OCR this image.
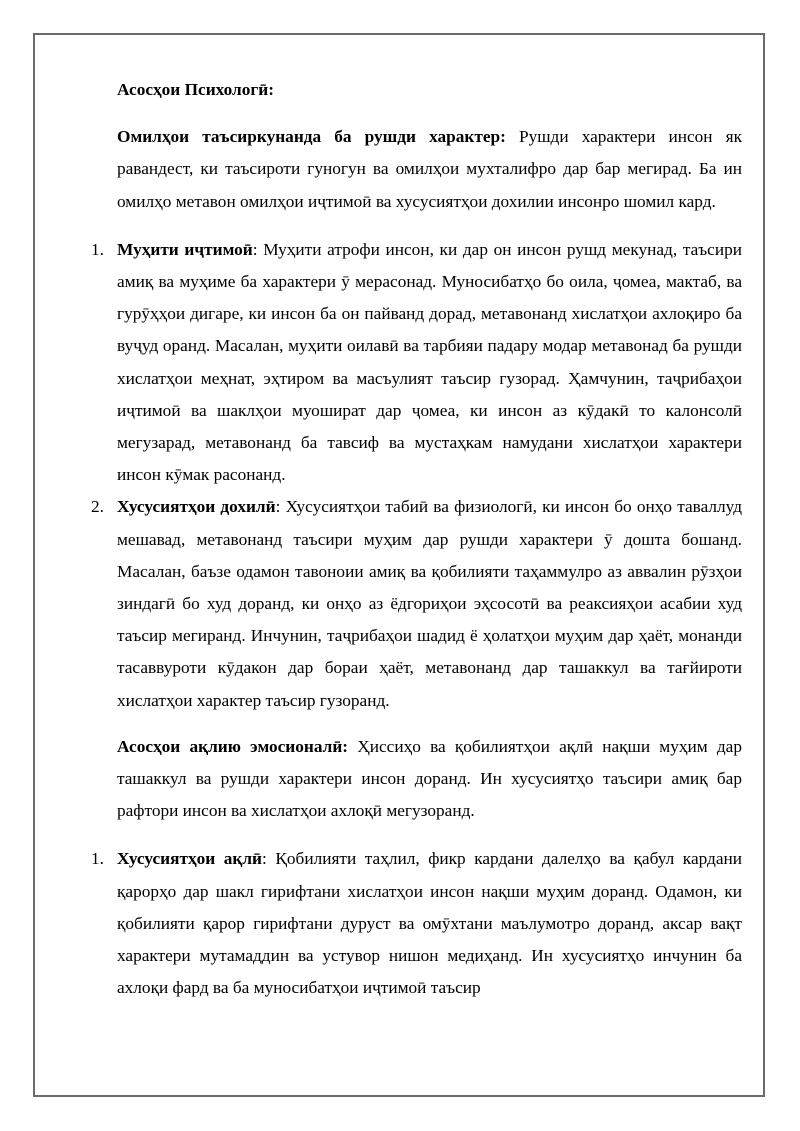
Асосҳои Психологӣ:

Омилҳои таъсиркунанда ба рушди характер: Рушди характери инсон як равандест, ки таъсироти гуногун ва омилҳои мухталифро дар бар мегирад. Ба ин омилҳо метавон омилҳои иҷтимоӣ ва хусусиятҳои дохилии инсонро шомил кард.

1. Муҳити иҷтимоӣ: Муҳити атрофи инсон, ки дар он инсон рушд мекунад, таъсири амиқ ва муҳиме ба характери ӯ мерасонад. Муносибатҳо бо оила, ҷомеа, мактаб, ва гурӯҳҳои дигаре, ки инсон ба он пайванд дорад, метавонанд хислатҳои ахлоқиро ба вуҷуд оранд. Масалан, муҳити оилавӣ ва тарбияи падару модар метавонад ба рушди хислатҳои меҳнат, эҳтиром ва масъулият таъсир гузорад. Ҳамчунин, таҷрибаҳои иҷтимоӣ ва шаклҳои муошират дар ҷомеа, ки инсон аз кӯдакӣ то калонсолӣ мегузарад, метавонанд ба тавсиф ва мустаҳкам намудани хислатҳои характери инсон кӯмак расонанд.
2. Хусусиятҳои дохилӣ: Хусусиятҳои табиӣ ва физиологӣ, ки инсон бо онҳо таваллуд мешавад, метавонанд таъсири муҳим дар рушди характери ӯ дошта бошанд. Масалан, баъзе одамон тавоноии амиқ ва қобилияти таҳаммулро аз аввалин рӯзҳои зиндагӣ бо худ доранд, ки онҳо аз ёдгориҳои эҳсосотӣ ва реаксияҳои асабии худ таъсир мегиранд. Инчунин, таҷрибаҳои шадид ё ҳолатҳои муҳим дар ҳаёт, монанди тасаввуроти кӯдакон дар бораи ҳаёт, метавонанд дар ташаккул ва тағйироти хислатҳои характер таъсир гузоранд.

Асосҳои ақлию эмосионалӣ: Ҳиссиҳо ва қобилиятҳои ақлӣ нақши муҳим дар ташаккул ва рушди характери инсон доранд. Ин хусусиятҳо таъсири амиқ бар рафтори инсон ва хислатҳои ахлоқӣ мегузоранд.

1. Хусусиятҳои ақлӣ: Қобилияти таҳлил, фикр кардани далелҳо ва қабул кардани қарорҳо дар шакл гирифтани хислатҳои инсон нақши муҳим доранд. Одамон, ки қобилияти қарор гирифтани дуруст ва омӯхтани маълумотро доранд, аксар вақт характери мутамаддин ва устувор нишон медиҳанд. Ин хусусиятҳо инчунин ба ахлоқи фард ва ба муносибатҳои иҷтимоӣ таъсир
